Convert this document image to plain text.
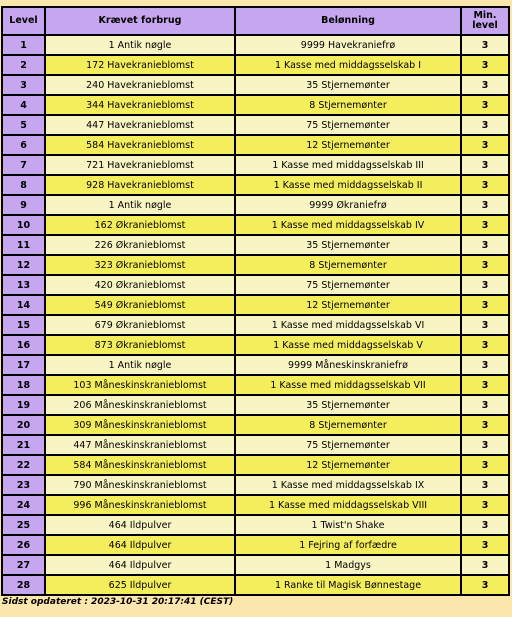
Level	Krævet forbrug	Belønning	Min. level
1	1 Antik nøgle	9999 Havekraniefrø	3
2	172 Havekranieblomst	1 Kasse med middagsselskab I	3
3	240 Havekranieblomst	35 Stjernemønter	3
4	344 Havekranieblomst	8 Stjernemønter	3
5	447 Havekranieblomst	75 Stjernemønter	3
6	584 Havekranieblomst	12 Stjernemønter	3
7	721 Havekranieblomst	1 Kasse med middagsselskab III	3
8	928 Havekranieblomst	1 Kasse med middagsselskab II	3
9	1 Antik nøgle	9999 Økraniefrø	3
10	162 Økranieblomst	1 Kasse med middagsselskab IV	3
11	226 Økranieblomst	35 Stjernemønter	3
12	323 Økranieblomst	8 Stjernemønter	3
13	420 Økranieblomst	75 Stjernemønter	3
14	549 Økranieblomst	12 Stjernemønter	3
15	679 Økranieblomst	1 Kasse med middagsselskab VI	3
16	873 Økranieblomst	1 Kasse med middagsselskab V	3
17	1 Antik nøgle	9999 Måneskinskraniefrø	3
18	103 Måneskinskranieblomst	1 Kasse med middagsselskab VII	3
19	206 Måneskinskranieblomst	35 Stjernemønter	3
20	309 Måneskinskranieblomst	8 Stjernemønter	3
21	447 Måneskinskranieblomst	75 Stjernemønter	3
22	584 Måneskinskranieblomst	12 Stjernemønter	3
23	790 Måneskinskranieblomst	1 Kasse med middagsselskab IX	3
24	996 Måneskinskranieblomst	1 Kasse med middagsselskab VIII	3
25	464 Ildpulver	1 Twist'n Shake	3
26	464 Ildpulver	1 Fejring af forfædre	3
27	464 Ildpulver	1 Madgys	3
28	625 Ildpulver	1 Ranke til Magisk Bønnestage	3
Sidst opdateret : 2023-10-31 20:17:41 (CEST)
